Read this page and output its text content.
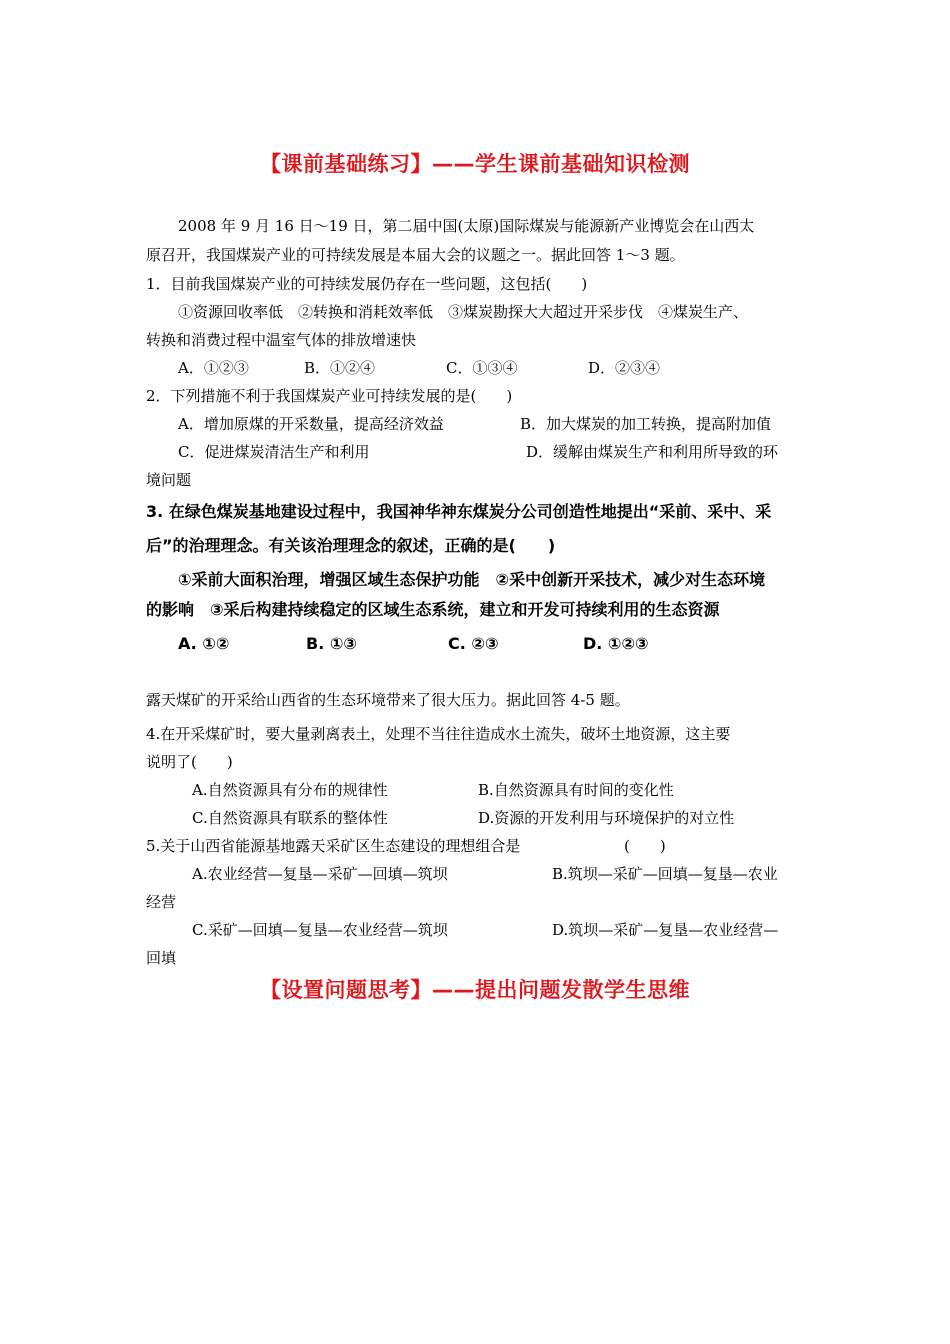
【课前基础练习】——学生课前基础知识检测
2008 年 9 月 16 日～19 日，第二届中国(太原)国际煤炭与能源新产业博览会在山西太
原召开，我国煤炭产业的可持续发展是本届大会的议题之一。据此回答 1～3 题。
1．目前我国煤炭产业的可持续发展仍存在一些问题，这包括(　　)
①资源回收率低　②转换和消耗效率低　③煤炭勘探大大超过开采步伐　④煤炭生产、
转换和消费过程中温室气体的排放增速快
A．①②③	B．①②④	C．①③④	D．②③④
2．下列措施不利于我国煤炭产业可持续发展的是(　　)
A．增加原煤的开采数量，提高经济效益	B．加大煤炭的加工转换，提高附加值
C．促进煤炭清洁生产和利用	D．缓解由煤炭生产和利用所导致的环
境问题
3. 在绿色煤炭基地建设过程中，我国神华神东煤炭分公司创造性地提出“采前、采中、采
后”的治理理念。有关该治理理念的叙述，正确的是(　　)
①采前大面积治理，增强区域生态保护功能　②采中创新开采技术，减少对生态环境
的影响　③采后构建持续稳定的区域生态系统，建立和开发可持续利用的生态资源
A. ①②	B. ①③	C. ②③	D. ①②③
露天煤矿的开采给山西省的生态环境带来了很大压力。据此回答 4-5 题。
4.在开采煤矿时，要大量剥离表土，处理不当往往造成水土流失，破坏土地资源，这主要
说明了(　　)
A.自然资源具有分布的规律性	B.自然资源具有时间的变化性
C.自然资源具有联系的整体性	D.资源的开发利用与环境保护的对立性
5.关于山西省能源基地露天采矿区生态建设的理想组合是	(　　)
A.农业经营—复垦—采矿—回填—筑坝	B.筑坝—采矿—回填—复垦—农业
经营
C.采矿—回填—复垦—农业经营—筑坝	D.筑坝—采矿—复垦—农业经营—
回填
【设置问题思考】——提出问题发散学生思维
